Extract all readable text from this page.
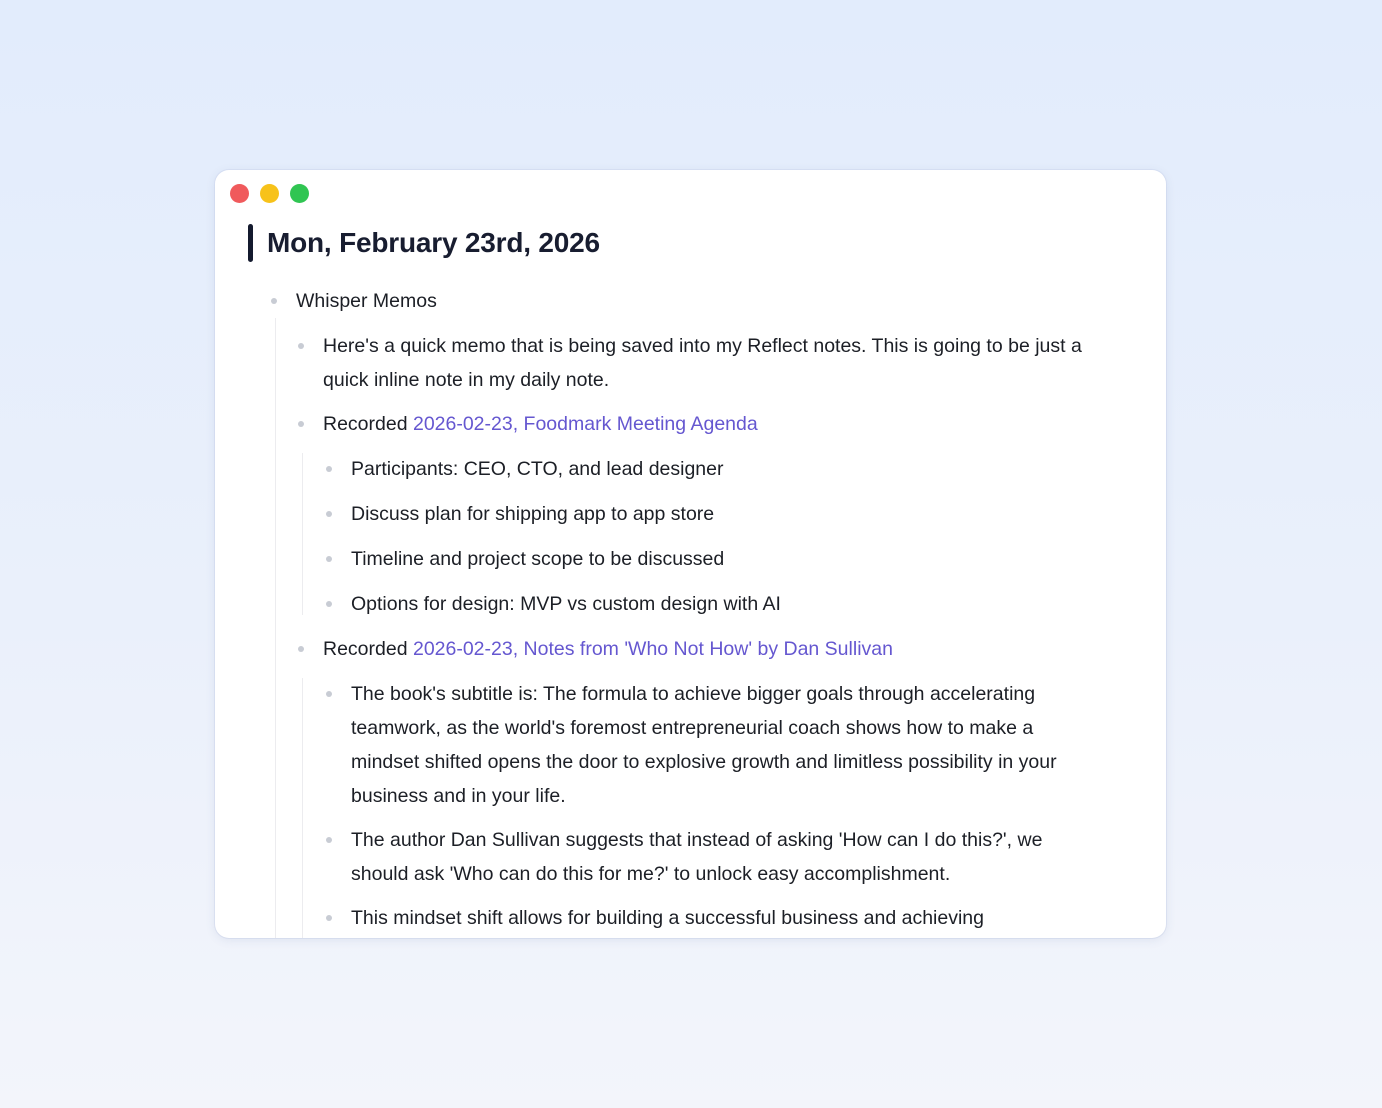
Mon, February 23rd, 2026
Whisper Memos
Here's a quick memo that is being saved into my Reflect notes. This is going to be just a quick inline note in my daily note.
Recorded 2026-02-23, Foodmark Meeting Agenda
Participants: CEO, CTO, and lead designer
Discuss plan for shipping app to app store
Timeline and project scope to be discussed
Options for design: MVP vs custom design with AI
Recorded 2026-02-23, Notes from 'Who Not How' by Dan Sullivan
The book's subtitle is: The formula to achieve bigger goals through accelerating teamwork, as the world's foremost entrepreneurial coach shows how to make a mindset shifted opens the door to explosive growth and limitless possibility in your business and in your life.
The author Dan Sullivan suggests that instead of asking 'How can I do this?', we should ask 'Who can do this for me?' to unlock easy accomplishment.
This mindset shift allows for building a successful business and achieving
